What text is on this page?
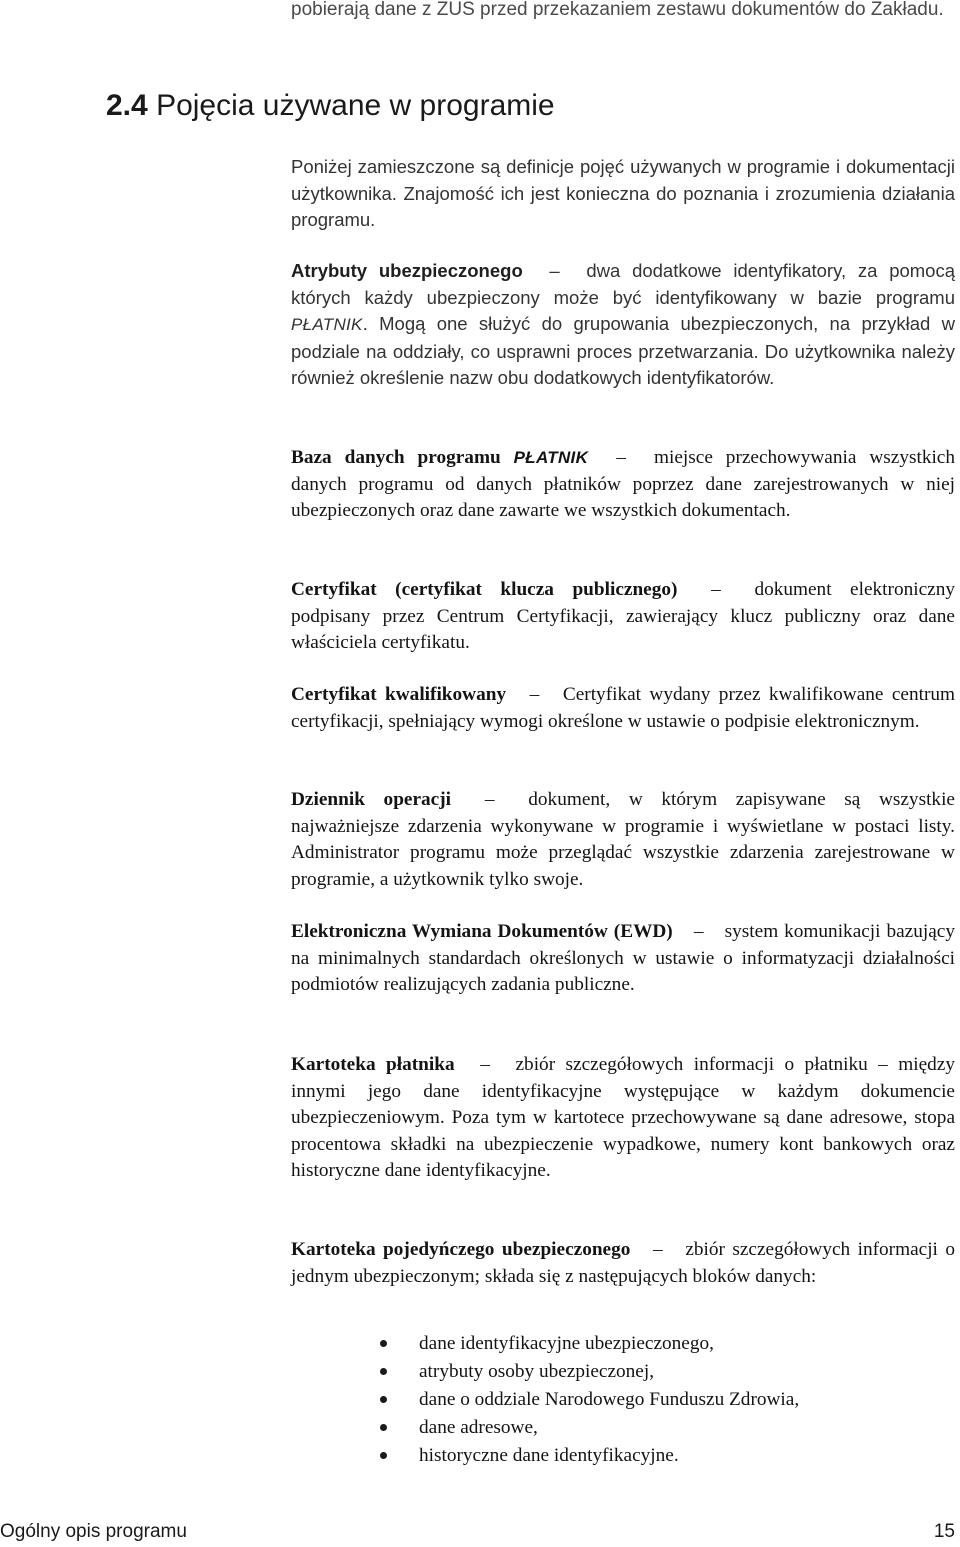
pobierają dane z ZUS przed przekazaniem zestawu dokumentów do Zakładu.

2.4 Pojęcia używane w programie

Poniżej zamieszczone są definicje pojęć używanych w programie i dokumentacji użytkownika. Znajomość ich jest konieczna do poznania i zrozumienia działania programu.

Atrybuty ubezpieczonego – dwa dodatkowe identyfikatory, za pomocą których każdy ubezpieczony może być identyfikowany w bazie programu PŁATNIK. Mogą one służyć do grupowania ubezpieczonych, na przykład w podziale na oddziały, co usprawni proces przetwarzania. Do użytkownika należy również określenie nazw obu dodatkowych identyfikatorów.

Baza danych programu PŁATNIK – miejsce przechowywania wszystkich danych programu od danych płatników poprzez dane zarejestrowanych w niej ubezpieczonych oraz dane zawarte we wszystkich dokumentach.

Certyfikat (certyfikat klucza publicznego) – dokument elektroniczny podpisany przez Centrum Certyfikacji, zawierający klucz publiczny oraz dane właściciela certyfikatu.

Certyfikat kwalifikowany – Certyfikat wydany przez kwalifikowane centrum certyfikacji, spełniający wymogi określone w ustawie o podpisie elektronicznym.

Dziennik operacji – dokument, w którym zapisywane są wszystkie najważniejsze zdarzenia wykonywane w programie i wyświetlane w postaci listy. Administrator programu może przeglądać wszystkie zdarzenia zarejestrowane w programie, a użytkownik tylko swoje.

Elektroniczna Wymiana Dokumentów (EWD) – system komunikacji bazujący na minimalnych standardach określonych w ustawie o informatyzacji działalności podmiotów realizujących zadania publiczne.

Kartoteka płatnika – zbiór szczegółowych informacji o płatniku – między innymi jego dane identyfikacyjne występujące w każdym dokumencie ubezpieczeniowym. Poza tym w kartotece przechowywane są dane adresowe, stopa procentowa składki na ubezpieczenie wypadkowe, numery kont bankowych oraz historyczne dane identyfikacyjne.

Kartoteka pojedyńczego ubezpieczonego – zbiór szczegółowych informacji o jednym ubezpieczonym; składa się z następujących bloków danych:

dane identyfikacyjne ubezpieczonego,
atrybuty osoby ubezpieczonej,
dane o oddziale Narodowego Funduszu Zdrowia,
dane adresowe,
historyczne dane identyfikacyjne.
Ogólny opis programu	15
